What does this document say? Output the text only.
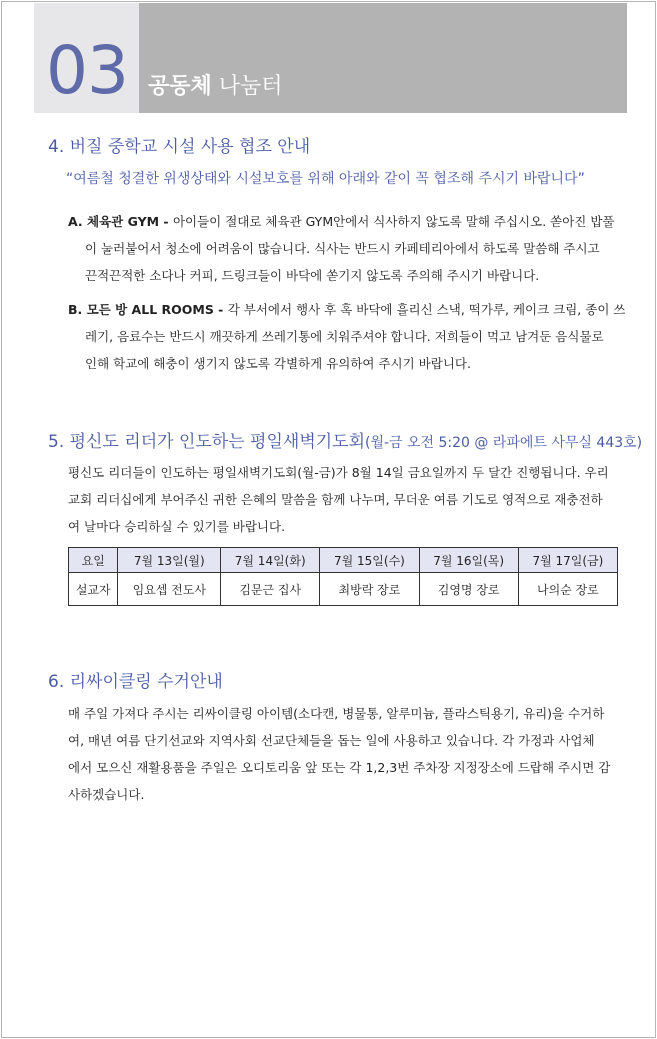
03 공동체 나눔터
4. 버질 중학교 시설 사용 협조 안내
“여름철 청결한 위생상태와 시설보호를 위해 아래와 같이 꼭 협조해 주시기 바랍니다”
A. 체육관 GYM - 아이들이 절대로 체육관 GYM안에서 식사하지 않도록 말해 주십시오. 쏟아진 밥풀
이 눌러붙어서 청소에 어려움이 많습니다. 식사는 반드시 카페테리아에서 하도록 말씀해 주시고
끈적끈적한 소다나 커피, 드링크들이 바닥에 쏟기지 않도록 주의해 주시기 바랍니다.
B. 모든 방 ALL ROOMS - 각 부서에서 행사 후 혹 바닥에 흘리신 스낵, 떡가루, 케이크 크림, 종이 쓰
레기, 음료수는 반드시 깨끗하게 쓰레기통에 치워주셔야 합니다. 저희들이 먹고 남겨둔 음식물로
인해 학교에 해충이 생기지 않도록 각별하게 유의하여 주시기 바랍니다.
5. 평신도 리더가 인도하는 평일새벽기도회(월-금 오전 5:20 @ 라파에트 사무실 443호)
평신도 리더들이 인도하는 평일새벽기도회(월-금)가 8월 14일 금요일까지 두 달간 진행됩니다. 우리
교회 리더십에게 부어주신 귀한 은혜의 말씀을 함께 나누며, 무더운 여름 기도로 영적으로 재충전하
여 날마다 승리하실 수 있기를 바랍니다.
요일	7월 13일(월)	7월 14일(화)	7월 15일(수)	7월 16일(목)	7월 17일(금)
설교자	임요셉 전도사	김문근 집사	최방락 장로	김영명 장로	나의순 장로
6. 리싸이클링 수거안내
매 주일 가져다 주시는 리싸이클링 아이템(소다캔, 병물통, 알루미늄, 플라스틱용기, 유리)을 수거하
여, 매년 여름 단기선교와 지역사회 선교단체들을 돕는 일에 사용하고 있습니다. 각 가정과 사업체
에서 모으신 재활용품을 주일은 오디토리움 앞 또는 각 1,2,3번 주차장 지정장소에 드랍해 주시면 감
사하겠습니다.
